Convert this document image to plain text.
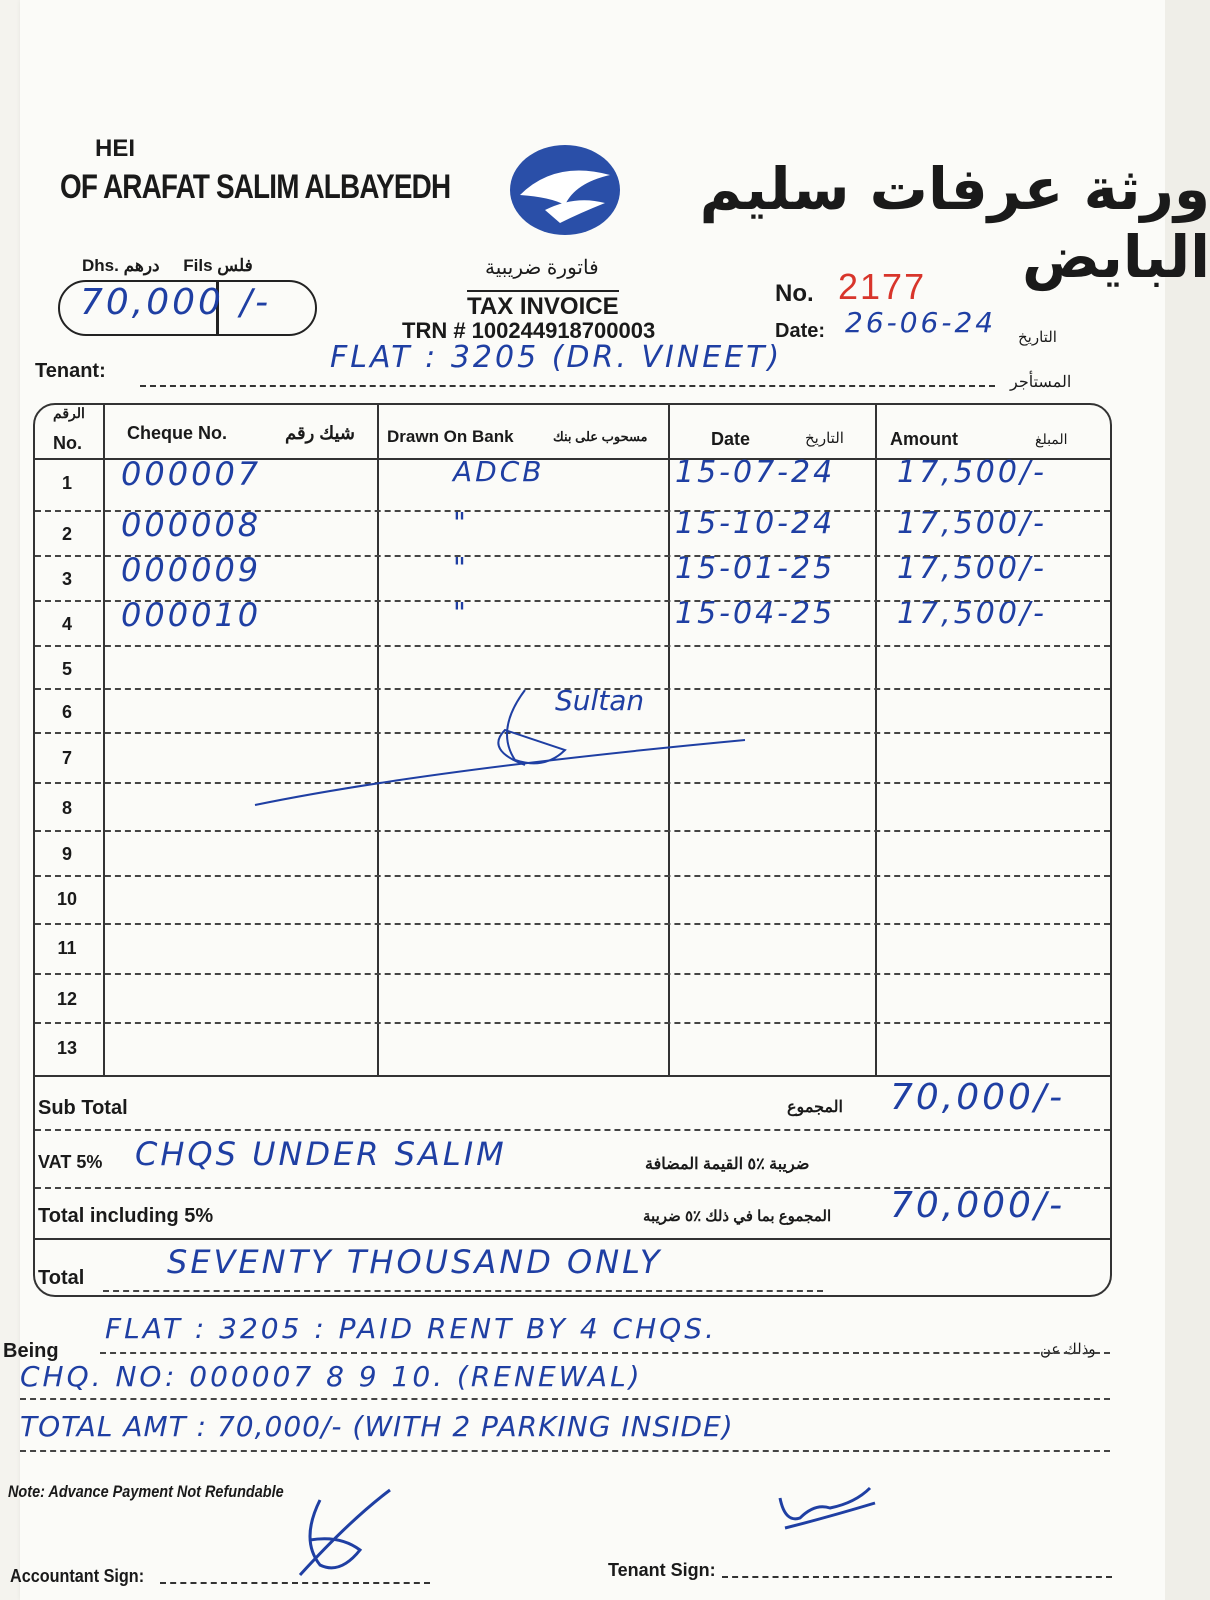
HEI
OF ARAFAT SALIM ALBAYEDH	ورثة عرفات سليم البايض
Dhs. درهم Fils فلس
70,000 /-
فاتورة ضريبية
TAX INVOICE
TRN # 100244918700003
No. 2177
Date: 26-06-24 التاريخ
Tenant:	FLAT : 3205 (DR. VINEET)
المستأجر
الرقم
No.	Cheque No.	شيك رقم Drawn On Bank	مسحوب على بنك	Date	التاريخ	Amount	المبلغ
1	000007	ADCB	15-07-24 17,500/-
2	000008	"	15-10-24 17,500/-
3	000009	"	15-01-25 17,500/-
4	000010	"	15-04-25 17,500/-
5
6
7
8
9
10
11
12
13
Sultan
Sub Total	المجموع 70,000/-
VAT 5% CHQS UNDER SALIM	ضريبة ٪٥ القيمة المضافة
Total including 5%	المجموع بما في ذلك ٪٥ ضريبة 70,000/-
Total	SEVENTY THOUSAND ONLY
Being	وذلك عن
FLAT : 3205 : PAID RENT BY 4 CHQS.
CHQ. NO: 000007 8 9 10. (RENEWAL)
TOTAL AMT : 70,000/- (WITH 2 PARKING INSIDE)
Note: Advance Payment Not Refundable
Accountant Sign:	Tenant Sign:
